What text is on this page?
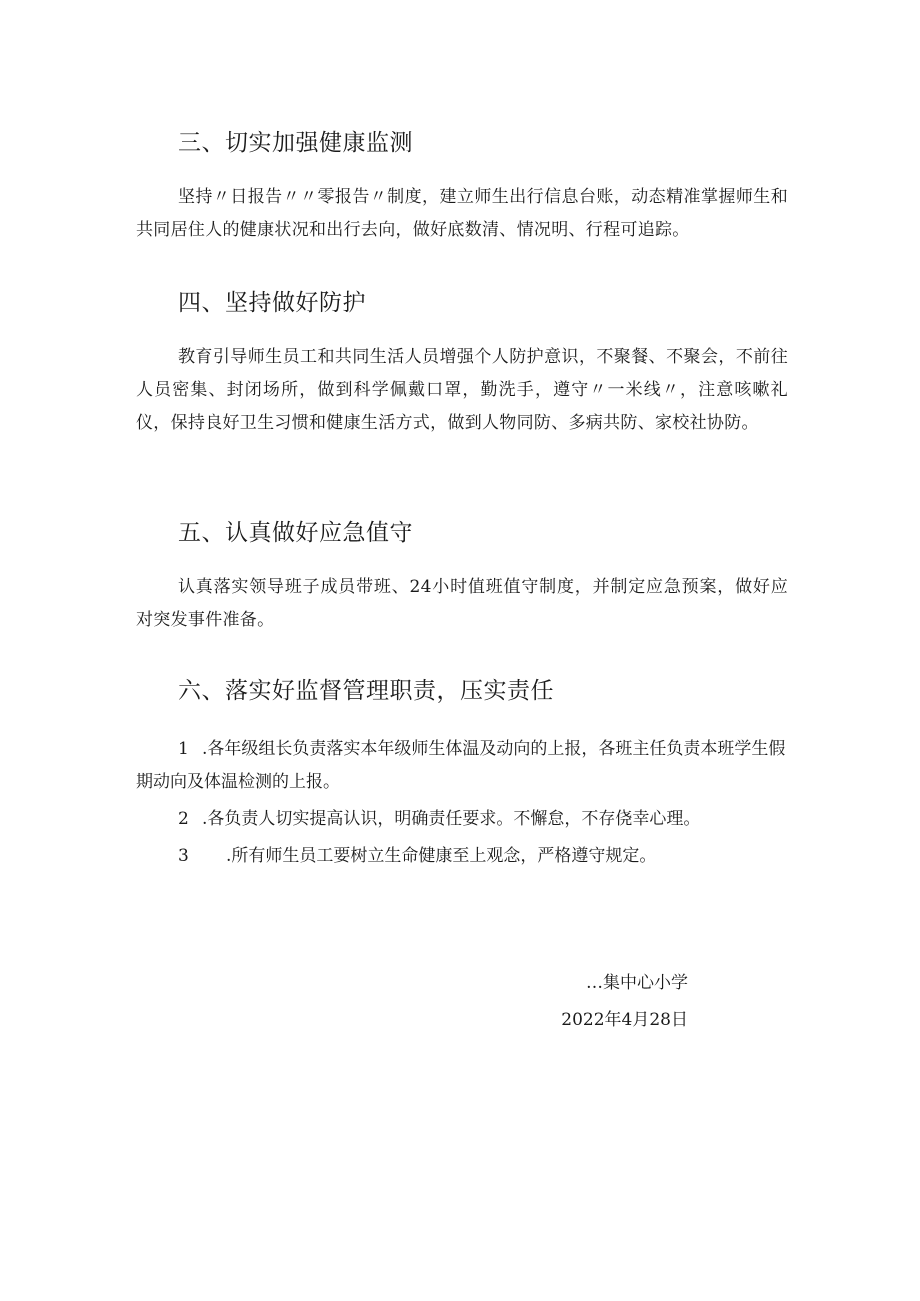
三、切实加强健康监测

坚持〃日报告〃〃零报告〃制度，建立师生出行信息台账，动态精准掌握师生和共同居住人的健康状况和出行去向，做好底数清、情况明、行程可追踪。

四、坚持做好防护

教育引导师生员工和共同生活人员增强个人防护意识，不聚餐、不聚会，不前往人员密集、封闭场所，做到科学佩戴口罩，勤洗手，遵守〃一米线〃，注意咳嗽礼仪，保持良好卫生习惯和健康生活方式，做到人物同防、多病共防、家校社协防。

五、认真做好应急值守

认真落实领导班子成员带班、24小时值班值守制度，并制定应急预案，做好应对突发事件准备。

六、落实好监督管理职责，压实责任

1 .各年级组长负责落实本年级师生体温及动向的上报，各班主任负责本班学生假期动向及体温检测的上报。

2 .各负责人切实提高认识，明确责任要求。不懈怠，不存侥幸心理。

3 .所有师生员工要树立生命健康至上观念，严格遵守规定。

…集中心小学

2022年4月28日
